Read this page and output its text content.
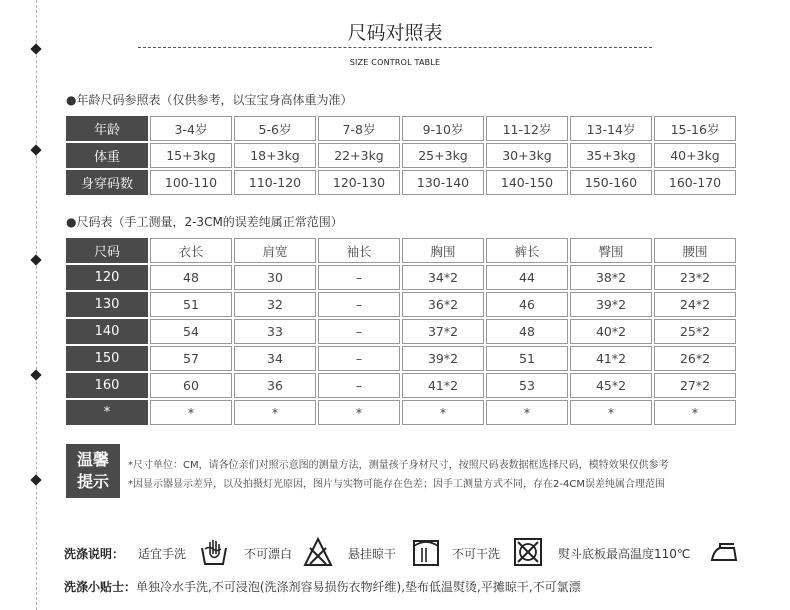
尺码对照表
SIZE CONTROL TABLE
●年龄尺码参照表（仅供参考，以宝宝身高体重为准）
年龄	3-4岁	5-6岁	7-8岁	9-10岁	11-12岁	13-14岁	15-16岁
体重	15+3kg	18+3kg	22+3kg	25+3kg	30+3kg	35+3kg	40+3kg
身穿码数	100-110	110-120	120-130	130-140	140-150	150-160	160-170
●尺码表（手工测量，2-3CM的误差纯属正常范围）
尺码	衣长	肩宽	袖长	胸围	裤长	臀围	腰围
120	48	30	–	34*2	44	38*2	23*2
130	51	32	–	36*2	46	39*2	24*2
140	54	33	–	37*2	48	40*2	25*2
150	57	34	–	39*2	51	41*2	26*2
160	60	36	–	41*2	53	45*2	27*2
*	*	*	*	*	*	*	*
温馨
提示
*尺寸单位：CM，请各位亲们对照示意图的测量方法，测量孩子身材尺寸，按照尺码表数据框选择尺码，模特效果仅供参考
*因显示器显示差异，以及拍摄灯光原因，图片与实物可能存在色差；因手工测量方式不同，存在2-4CM误差纯属合理范围
洗涤说明： 适宜手洗	不可漂白	悬挂晾干	不可干洗	熨斗底板最高温度110℃
洗涤小贴士：单独冷水手洗,不可浸泡(洗涤剂容易损伤衣物纤维),垫布低温熨烫,平摊晾干,不可氯漂
